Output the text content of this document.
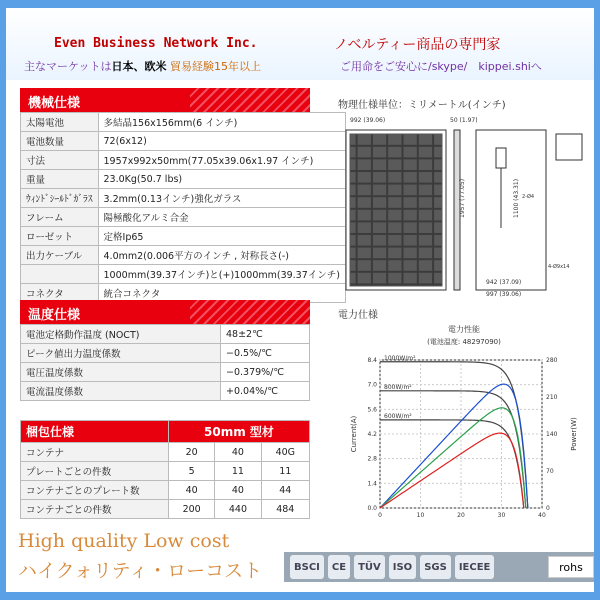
Even Business Network Inc.	ノベルティー商品の専門家
主なマーケットは日本、欧米 貿易経験15年以上	ご用命をご安心に/skype/　kippei.shiへ
機械仕様
太陽電池	多結晶156x156mm(6 インチ)
電池数量	72(6x12)
寸法	1957x992x50mm(77.05x39.06x1.97 インチ)
重量	23.0Kg(50.7 lbs)
ｳｨﾝﾄﾞｼｰﾙﾄﾞｶﾞﾗｽ	3.2mm(0.13インチ)強化ガラス
フレーム	陽極酸化アルミ合金
ローゼット	定格Ip65
出力ケーブル	4.0mm2(0.006平方のインチ , 対称長さ(-)
	1000mm(39.37インチ)と(+)1000mm(39.37インチ)
コネクタ	統合コネクタ
温度仕様
電池定格動作温度 (NOCT)	48±2℃
ピーク値出力温度係数	−0.5%/℃
電圧温度係数	−0.379%/℃
電流温度係数	+0.04%/℃
梱包仕様	50mm 型材		
コンテナ	20	40	40G
プレートごとの件数	5	11	11
コンテナごとのプレート数	40	40	44
コンテナごとの件数	200	440	484
物理仕様単位：ミリメートル(インチ)
992 (39.06)	50 (1.97)
1957 (77.05)	1100 (43.31)
942 (37.09)
997 (39.06)
4-Ø9x14
2-Ø4
電力仕様
電力性能
(電池温度: 48297090)
0.0
1.4
2.8
4.2
5.6
7.0
8.4
0	10	20	30	40
0
70
140
210
280
Current(A)	Power(W)
1000W/m²
800W/m²
600W/m²
High quality Low cost
ハイクォリティ・ローコスト	BSCI	CE	TÜV	ISO	SGS	IECEE	rohs
